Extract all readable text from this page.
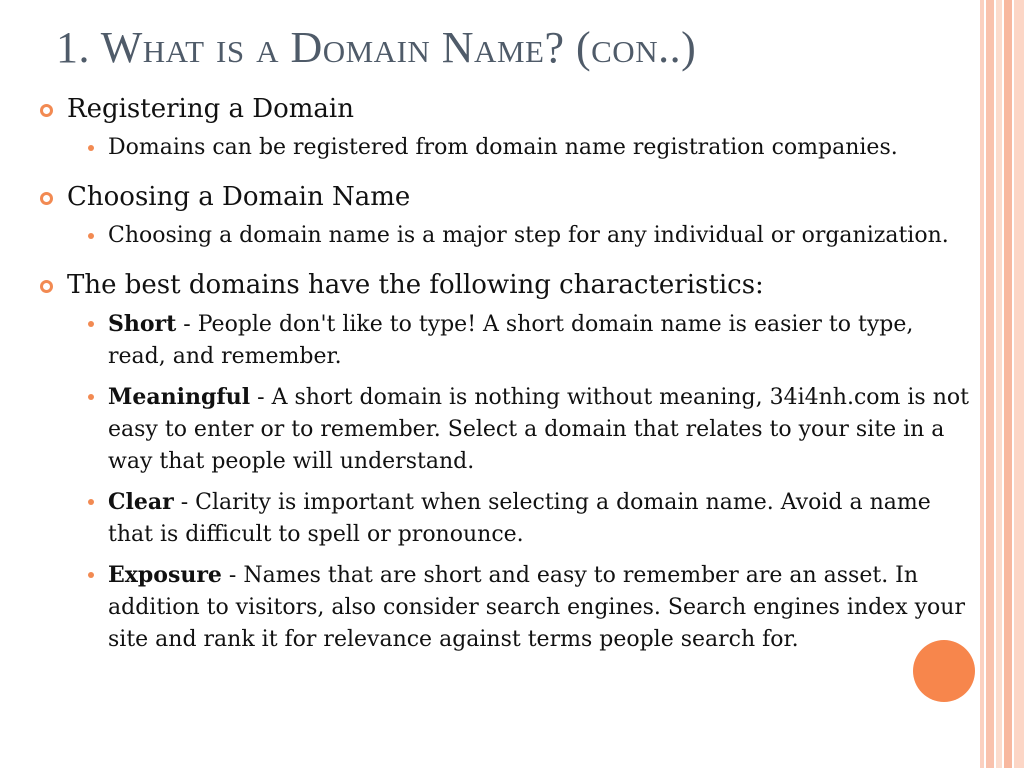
1. What is a Domain Name? (con..)
Registering a Domain
Domains can be registered from domain name registration companies.
Choosing a Domain Name
Choosing a domain name is a major step for any individual or organization.
The best domains have the following characteristics:
Short - People don't like to type! A short domain name is easier to type, read, and remember.
Meaningful - A short domain is nothing without meaning, 34i4nh.com is not easy to enter or to remember. Select a domain that relates to your site in a way that people will understand.
Clear - Clarity is important when selecting a domain name. Avoid a name that is difficult to spell or pronounce.
Exposure - Names that are short and easy to remember are an asset. In addition to visitors, also consider search engines. Search engines index your site and rank it for relevance against terms people search for.
